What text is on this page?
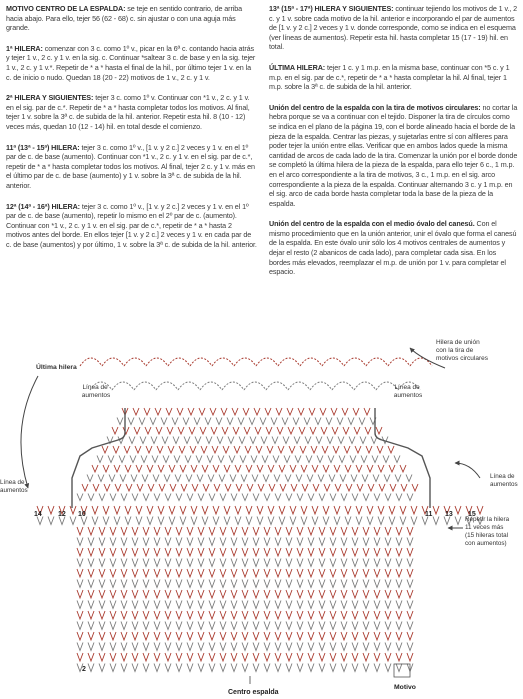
MOTIVO CENTRO DE LA ESPALDA: se teje en sentido contrario, de arriba hacia abajo. Para ello, tejer 56 (62 - 68) c. sin ajustar o con una aguja más grande.

1ª HILERA: comenzar con 3 c. como 1º v., picar en la 6ª c. contando hacia atrás y tejer 1 v., 2 c. y 1 v. en la sig. c. Continuar *saltear 3 c. de base y en la sig. tejer 1 v., 2 c. y 1 v.*. Repetir de * a * hasta el final de la hil., por último tejer 1 v. en la c. de inicio o nudo. Quedan 18 (20 - 22) motivos de 1 v., 2 c. y 1 v.

2ª HILERA Y SIGUIENTES: tejer 3 c. como 1º v. Continuar con *1 v., 2 c. y 1 v. en el sig. par de c.*. Repetir de * a * hasta completar todos los motivos. Al final, tejer 1 v. sobre la 3ª c. de subida de la hil. anterior. Repetir esta hil. 8 (10 - 12) veces más, quedan 10 (12 - 14) hil. en total desde el comienzo.

11ª (13ª - 15ª) HILERA: tejer 3 c. como 1º v., [1 v. y 2 c.] 2 veces y 1 v. en el 1º par de c. de base (aumento). Continuar con *1 v., 2 c. y 1 v. en el sig. par de c.*, repetir de * a * hasta completar todos los motivos. Al final, tejer 2 c. y 1 v. más en el último par de c. de base (aumento) y 1 v. sobre la 3ª c. de subida de la hil. anterior.

12ª (14ª - 16ª) HILERA: tejer 3 c. como 1º v., [1 v. y 2 c.] 2 veces y 1 v. en el 1º par de c. de base (aumento), repetir lo mismo en el 2º par de c. (aumento). Continuar con *1 v., 2 c. y 1 v. en el sig. par de c.*, repetir de * a * hasta 2 motivos antes del borde. En ellos tejer [1 v. y 2 c.] 2 veces y 1 v. en cada par de c. de base (aumentos) y por último, 1 v. sobre la 3ª c. de subida de la hil. anterior.

13ª (15ª - 17ª) HILERA Y SIGUIENTES: continuar tejiendo los motivos de 1 v., 2 c. y 1 v. sobre cada motivo de la hil. anterior e incorporando el par de aumentos de [1 v. y 2 c.] 2 veces y 1 v. donde corresponde, como se indica en el esquema (ver líneas de aumentos). Repetir esta hil. hasta completar 15 (17 - 19) hil. en total.

ÚLTIMA HILERA: tejer 1 c. y 1 m.p. en la misma base, continuar con *5 c. y 1 m.p. en el sig. par de c.*, repetir de * a * hasta completar la hil. Al final, tejer 1 m.p. sobre la 3ª c. de subida de la hil. anterior.

Unión del centro de la espalda con la tira de motivos circulares: no cortar la hebra porque se va a continuar con el tejido. Disponer la tira de círculos como se indica en el plano de la página 19, con el borde alineado hacia el borde de la pieza de la espalda. Centrar las piezas, y sujetarlas entre sí con alfileres para poder tejer la unión entre ellas. Verificar que en ambos lados quede la misma cantidad de arcos de cada lado de la tira. Comenzar la unión por el borde donde se completó la última hilera de la pieza de la espalda, para ello tejer 6 c., 1 m.p. en el arco correspondiente a la tira de motivos, 3 c., 1 m.p. en el sig. arco correspondiente a la pieza de la espalda. Continuar alternando 3 c. y 1 m.p. en el sig. arco de cada borde hasta completar toda la base de la pieza de la espalda.

Unión del centro de la espalda con el medio óvalo del canesú. Con el mismo procedimiento que en la unión anterior, unir el óvalo que forma el canesú de la espalda. En este óvalo unir sólo los 4 motivos centrales de aumentos y dejar el resto (2 abanicos de cada lado), para completar cada sisa. En los bordes más elevados, reemplazar el m.p. de unión por 1 v. para completar el espacio.

Última hilera
Hilera de unión con la tira de motivos circulares
Línea de aumentos
Línea de aumentos
Línea de aumentos
Línea de aumentos
Repetir la hilera 11 veces más (15 hileras total con aumentos)
14 12 10	11 13 15
2
Motivo
Centro espalda
